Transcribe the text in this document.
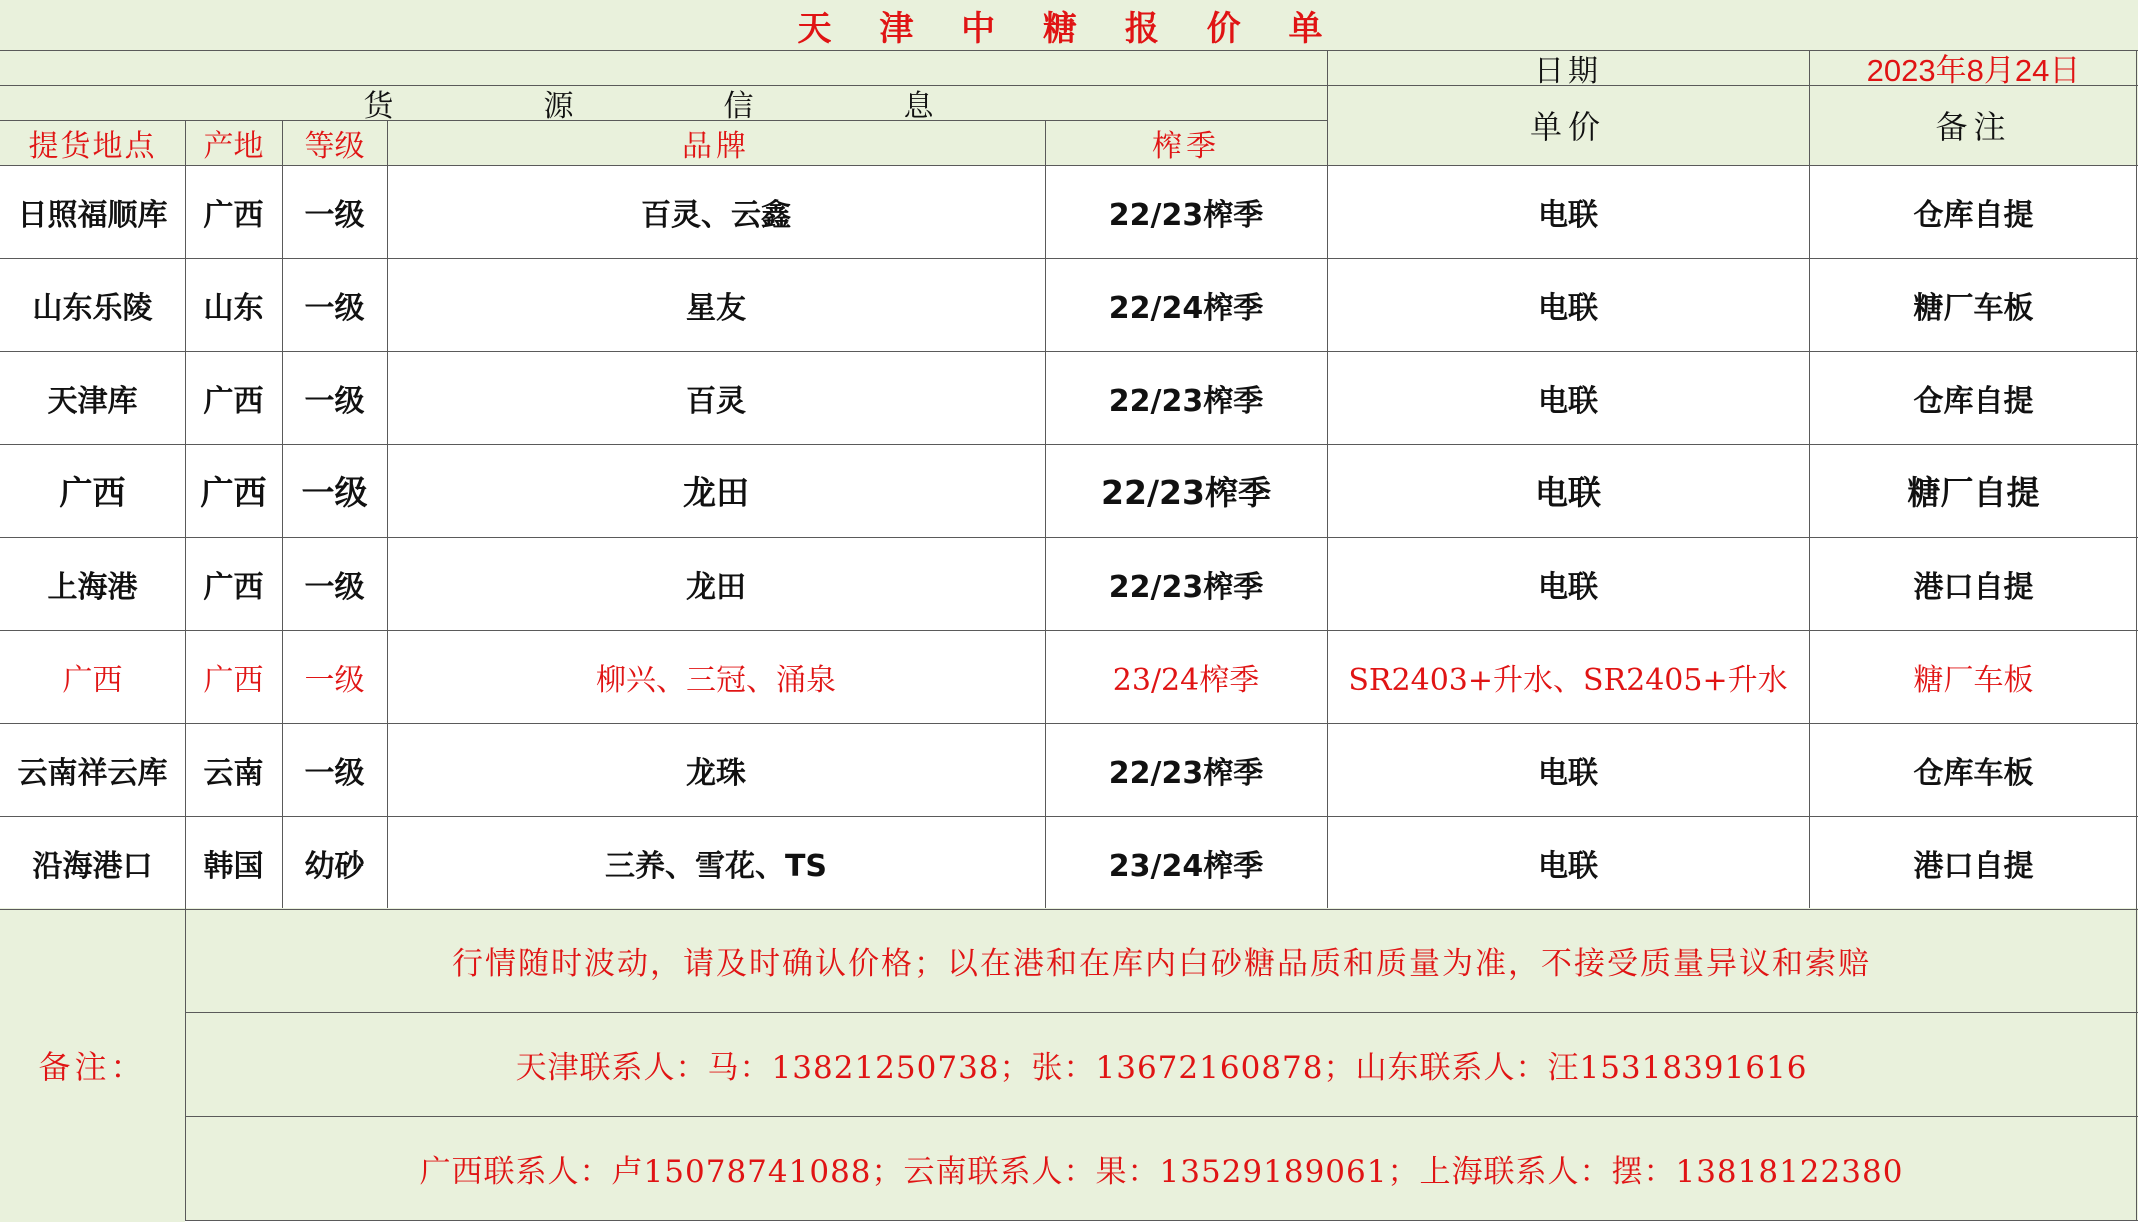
天 津 中 糖 报 价 单
日期	2023年8月24日
货　　源　　信　　息
提货地点	产地	等级	品牌	榨季	单价	备注
日照福顺库	广西	一级	百灵、云鑫	22/23榨季	电联	仓库自提
山东乐陵	山东	一级	星友	22/24榨季	电联	糖厂车板
天津库	广西	一级	百灵	22/23榨季	电联	仓库自提
广西	广西	一级	龙田	22/23榨季	电联	糖厂自提
上海港	广西	一级	龙田	22/23榨季	电联	港口自提
广西	广西	一级	柳兴、三冠、涌泉	23/24榨季	SR2403+升水、SR2405+升水	糖厂车板
云南祥云库	云南	一级	龙珠	22/23榨季	电联	仓库车板
沿海港口	韩国	幼砂	三养、雪花、TS	23/24榨季	电联	港口自提
备注：
行情随时波动，请及时确认价格；以在港和在库内白砂糖品质和质量为准，不接受质量异议和索赔
天津联系人：马：13821250738；张：13672160878；山东联系人：汪15318391616
广西联系人：卢15078741088；云南联系人：果：13529189061；上海联系人：摆：13818122380
